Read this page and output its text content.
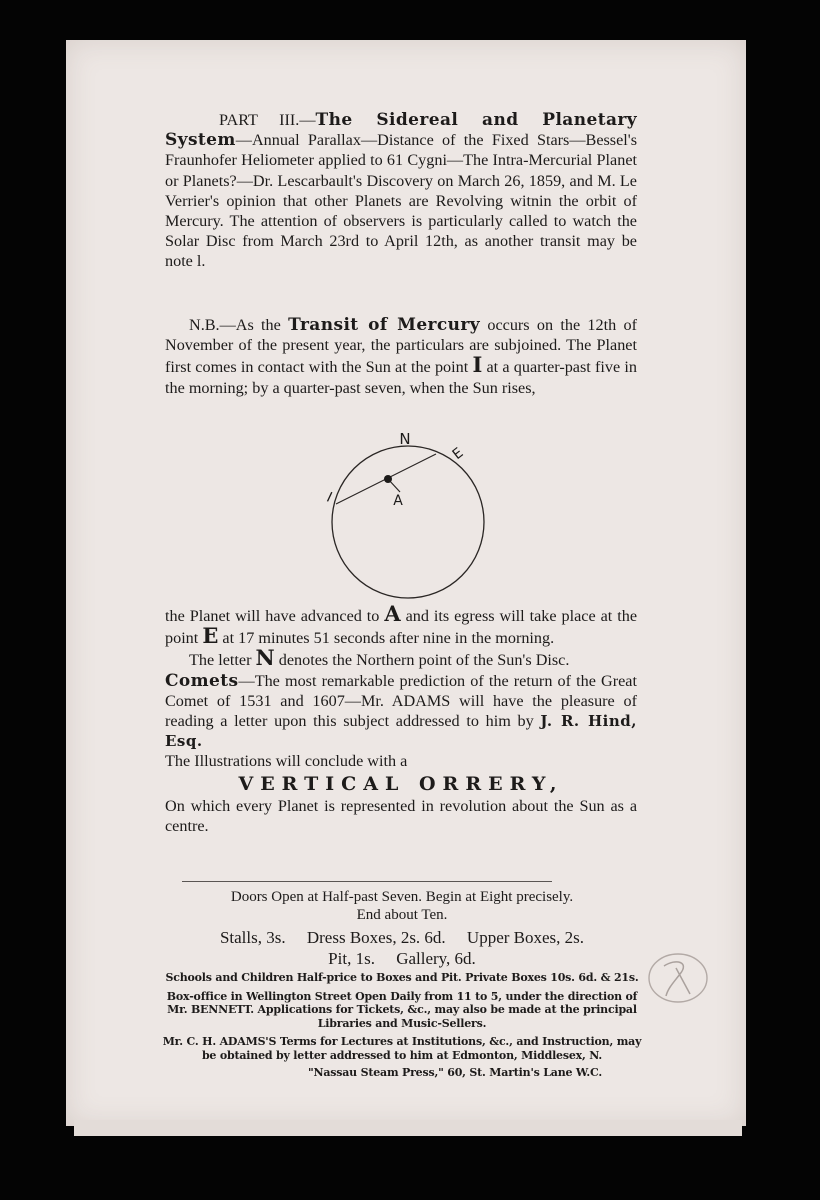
PART III.—The Sidereal and Planetary System—Annual Parallax—Distance of the Fixed Stars—Bessel's Fraunhofer Heliometer applied to 61 Cygni—The Intra-Mercurial Planet or Planets?—Dr. Lescarbault's Discovery on March 26, 1859, and M. Le Verrier's opinion that other Planets are Revolving witnin the orbit of Mercury. The attention of observers is particularly called to watch the Solar Disc from March 23rd to April 12th, as another transit may be note l.

N.B.—As the Transit of Mercury occurs on the 12th of November of the present year, the particulars are subjoined. The Planet first comes in contact with the Sun at the point I at a quarter-past five in the morning; by a quarter-past seven, when the Sun rises,

N
E
I	A

the Planet will have advanced to A and its egress will take place at the point E at 17 minutes 51 seconds after nine in the morning.

The letter N denotes the Northern point of the Sun's Disc.

Comets—The most remarkable prediction of the return of the Great Comet of 1531 and 1607—Mr. ADAMS will have the pleasure of reading a letter upon this subject addressed to him by J. R. Hind, Esq.

The Illustrations will conclude with a

VERTICAL ORRERY,

On which every Planet is represented in revolution about the Sun as a centre.

Doors Open at Half-past Seven. Begin at Eight precisely.

End about Ten.

Stalls, 3s.     Dress Boxes, 2s. 6d.     Upper Boxes, 2s.

Pit, 1s.     Gallery, 6d.

Schools and Children Half-price to Boxes and Pit. Private Boxes 10s. 6d. & 21s.

Box-office in Wellington Street Open Daily from 11 to 5, under the direction of Mr. BENNETT. Applications for Tickets, &c., may also be made at the principal Libraries and Music-Sellers.

Mr. C. H. ADAMS'S Terms for Lectures at Institutions, &c., and Instruction, may be obtained by letter addressed to him at Edmonton, Middlesex, N.

"Nassau Steam Press," 60, St. Martin's Lane W.C.
